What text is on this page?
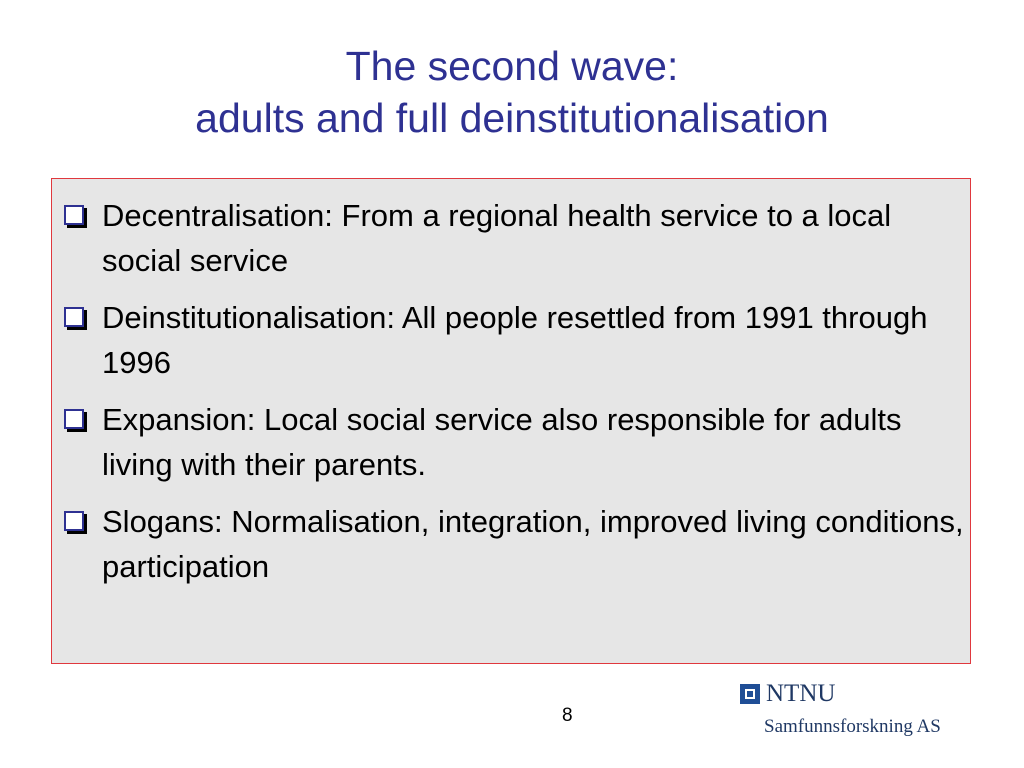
The second wave:
adults and full deinstitutionalisation
Decentralisation: From a regional health service to a local social service
Deinstitutionalisation: All people resettled from 1991 through 1996
Expansion: Local social service also responsible for adults living with their parents.
Slogans: Normalisation, integration, improved living conditions, participation
8
NTNU
Samfunnsforskning AS
